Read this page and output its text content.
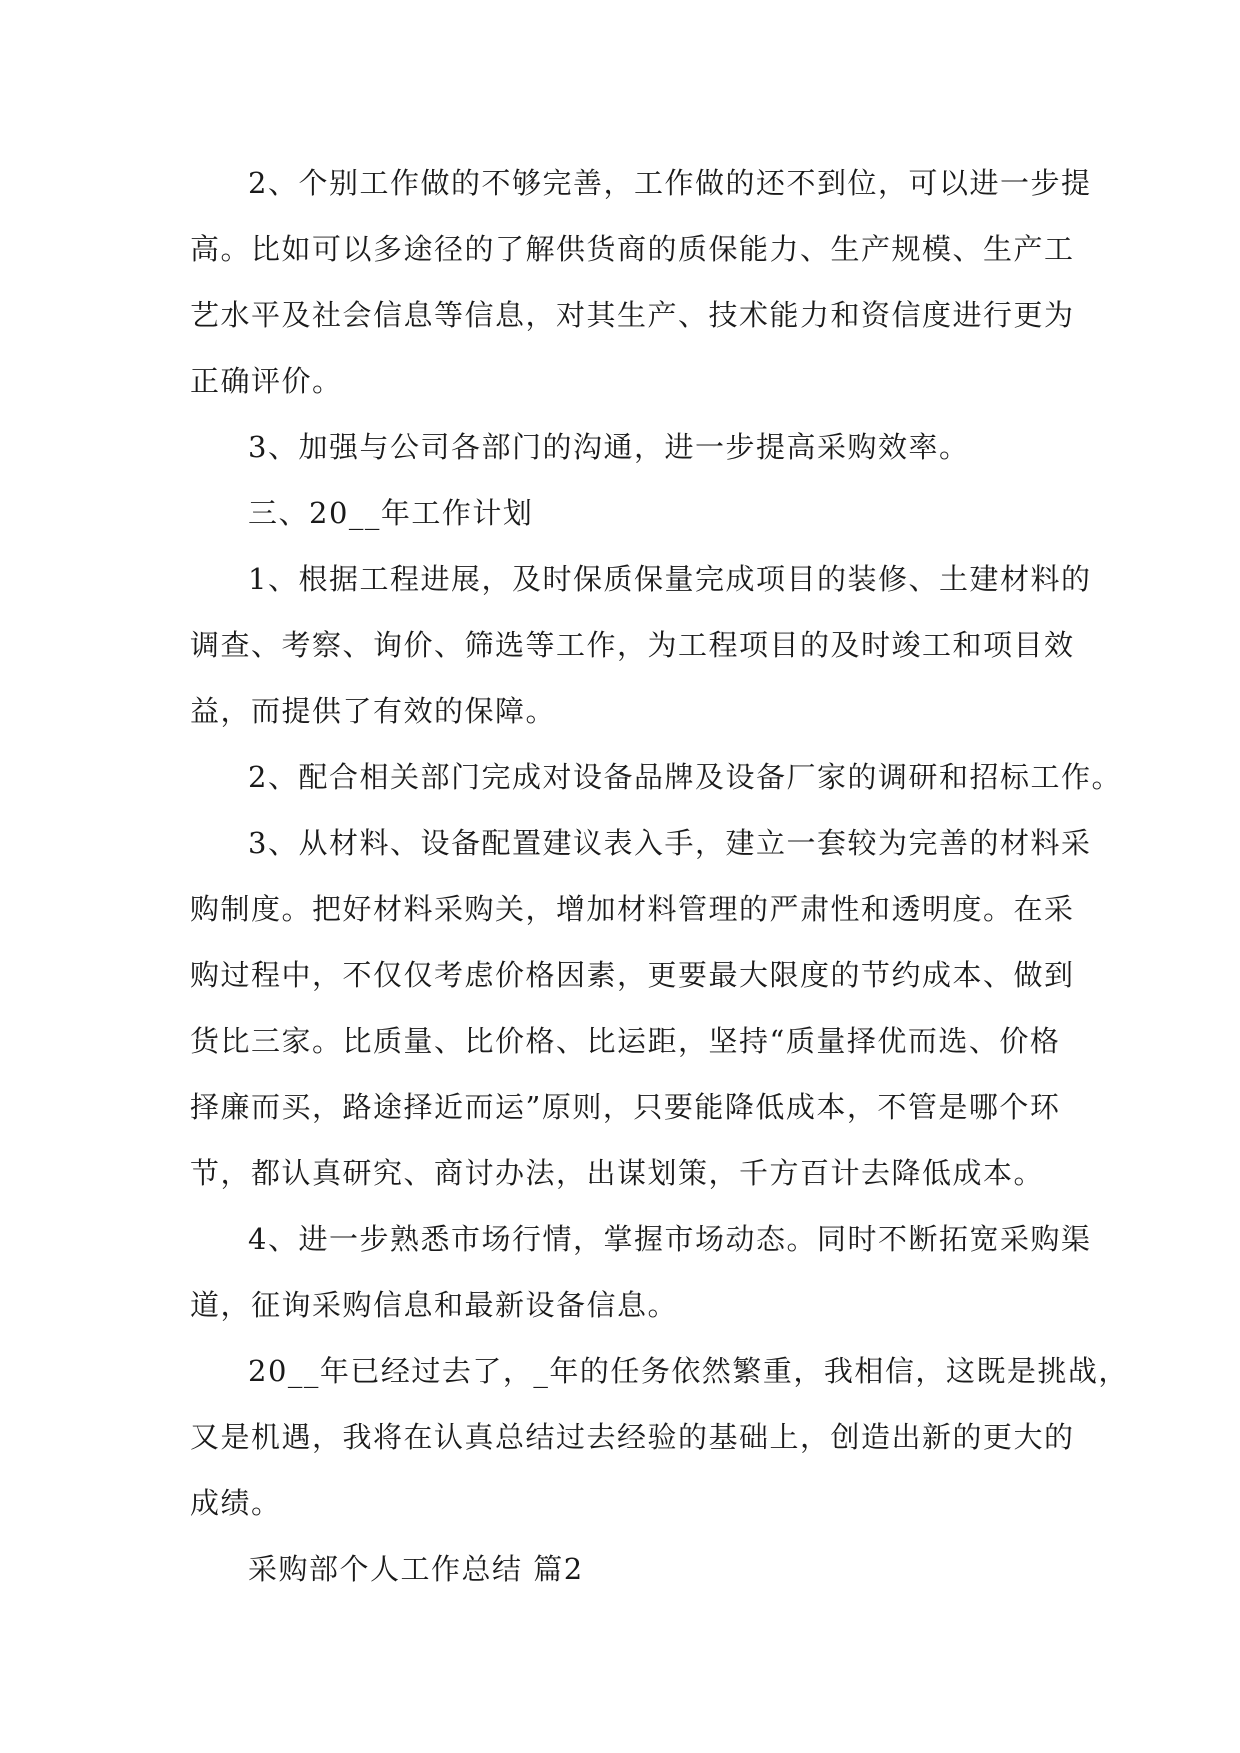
2、个别工作做的不够完善，工作做的还不到位，可以进一步提
高。比如可以多途径的了解供货商的质保能力、生产规模、生产工
艺水平及社会信息等信息，对其生产、技术能力和资信度进行更为
正确评价。
3、加强与公司各部门的沟通，进一步提高采购效率。
三、20__年工作计划
1、根据工程进展，及时保质保量完成项目的装修、土建材料的
调查、考察、询价、筛选等工作，为工程项目的及时竣工和项目效
益，而提供了有效的保障。
2、配合相关部门完成对设备品牌及设备厂家的调研和招标工作。
3、从材料、设备配置建议表入手，建立一套较为完善的材料采
购制度。把好材料采购关，增加材料管理的严肃性和透明度。在采
购过程中，不仅仅考虑价格因素，更要最大限度的节约成本、做到
货比三家。比质量、比价格、比运距，坚持“质量择优而选、价格
择廉而买，路途择近而运”原则，只要能降低成本，不管是哪个环
节，都认真研究、商讨办法，出谋划策，千方百计去降低成本。
4、进一步熟悉市场行情，掌握市场动态。同时不断拓宽采购渠
道，征询采购信息和最新设备信息。
20__年已经过去了，_年的任务依然繁重，我相信，这既是挑战，
又是机遇，我将在认真总结过去经验的基础上，创造出新的更大的
成绩。
采购部个人工作总结 篇2
